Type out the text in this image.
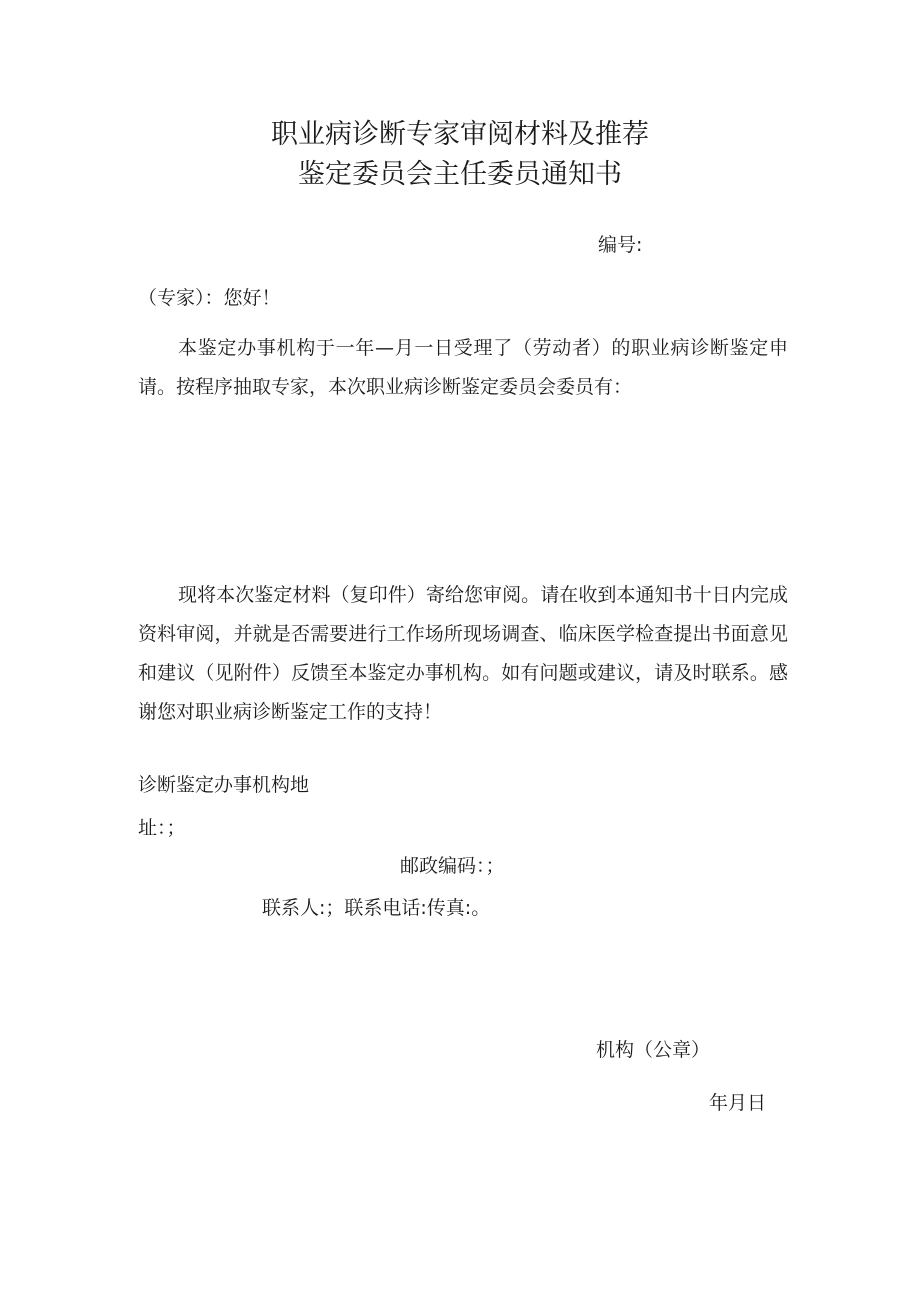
职业病诊断专家审阅材料及推荐
鉴定委员会主任委员通知书
编号:
（专家）：您好！

本鉴定办事机构于一年—月一日受理了（劳动者）的职业病诊断鉴定申请。按程序抽取专家，本次职业病诊断鉴定委员会委员有：

现将本次鉴定材料（复印件）寄给您审阅。请在收到本通知书十日内完成资料审阅，并就是否需要进行工作场所现场调查、临床医学检查提出书面意见和建议（见附件）反馈至本鉴定办事机构。如有问题或建议，请及时联系。感谢您对职业病诊断鉴定工作的支持！

诊断鉴定办事机构地
址：；
邮政编码：；
联系人:；联系电话:传真:。
机构（公章）
年月日
